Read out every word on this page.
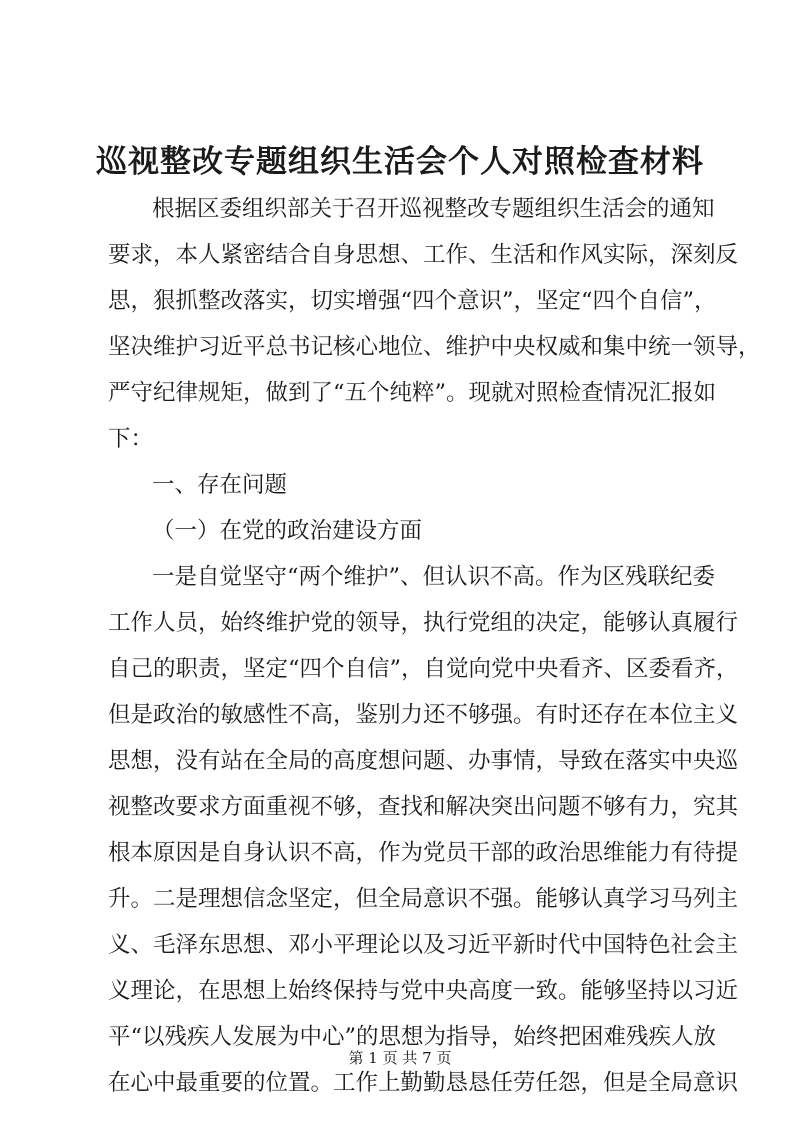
巡视整改专题组织生活会个人对照检查材料
根据区委组织部关于召开巡视整改专题组织生活会的通知
要求，本人紧密结合自身思想、工作、生活和作风实际，深刻反
思，狠抓整改落实，切实增强“四个意识”，坚定“四个自信”，
坚决维护习近平总书记核心地位、维护中央权威和集中统一领导，
严守纪律规矩，做到了“五个纯粹”。现就对照检查情况汇报如
下：
一、存在问题
（一）在党的政治建设方面
一是自觉坚守“两个维护”、但认识不高。作为区残联纪委
工作人员，始终维护党的领导，执行党组的决定，能够认真履行
自己的职责，坚定“四个自信”，自觉向党中央看齐、区委看齐，
但是政治的敏感性不高，鉴别力还不够强。有时还存在本位主义
思想，没有站在全局的高度想问题、办事情，导致在落实中央巡
视整改要求方面重视不够，查找和解决突出问题不够有力，究其
根本原因是自身认识不高，作为党员干部的政治思维能力有待提
升。二是理想信念坚定，但全局意识不强。能够认真学习马列主
义、毛泽东思想、邓小平理论以及习近平新时代中国特色社会主
义理论，在思想上始终保持与党中央高度一致。能够坚持以习近
平“以残疾人发展为中心”的思想为指导，始终把困难残疾人放
在心中最重要的位置。工作上勤勤恳恳任劳任怨，但是全局意识
第 1 页 共 7 页
